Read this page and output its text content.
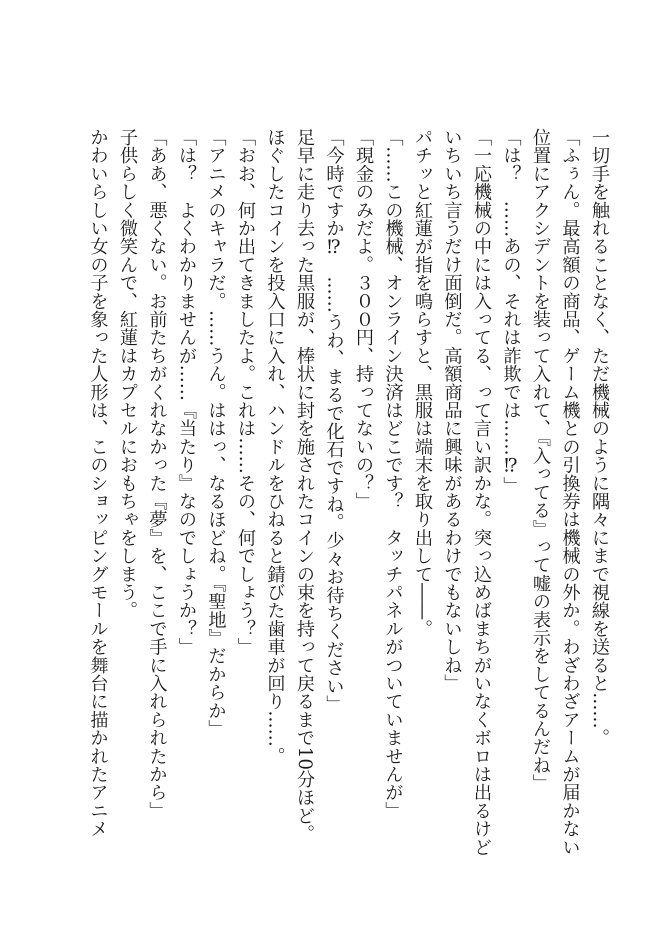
一切手を触れることなく、ただ機械のように隅々にまで視線を送ると……。
「ふぅん。最高額の商品、ゲーム機との引換券は機械の外か。わざわざアームが届かない
位置にアクシデントを装って入れて、『入ってる』って嘘の表示をしてるんだね」
「は？　……あの、それは詐欺では……⁉」
「一応機械の中には入ってる、って言い訳かな。突っ込めばまちがいなくボロは出るけど
いちいち言うだけ面倒だ。高額商品に興味があるわけでもないしね」
パチッと紅蓮が指を鳴らすと、黒服は端末を取り出して――。
「……この機械、オンライン決済はどこです？　タッチパネルがついていませんが」
「現金のみだよ。３００円、持ってないの？」
「今時ですか⁉　……うわ、まるで化石ですね。少々お待ちください」
足早に走り去った黒服が、棒状に封を施されたコインの束を持って戻るまで10分ほど。
ほぐしたコインを投入口に入れ、ハンドルをひねると錆びた歯車が回り……。
「おお、何か出てきましたよ。これは……その、何でしょう？」
「アニメのキャラだ。……うん。ははっ、なるほどね。『聖地』だからか」
「は？　よくわかりませんが……『当たり』なのでしょうか？」
「ああ、悪くない。お前たちがくれなかった『夢』を、ここで手に入れられたから」
子供らしく微笑んで、紅蓮はカプセルにおもちゃをしまう。
かわいらしい女の子を象った人形は、このショッピングモールを舞台に描かれたアニメ
